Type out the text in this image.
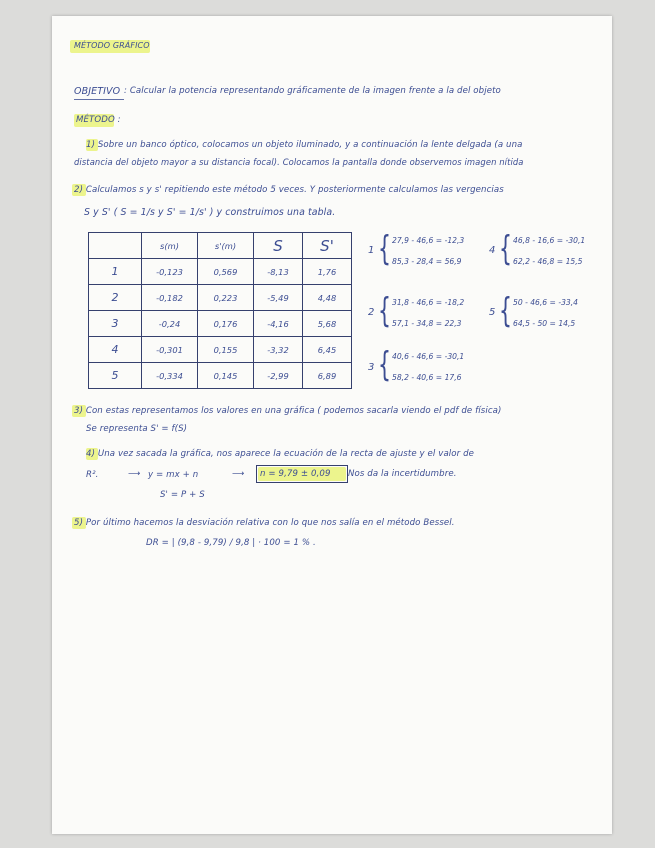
MÉTODO GRÁFICO
OBJETIVO : Calcular la potencia representando gráficamente de la imagen frente a la del objeto
MÉTODO :
1) Sobre un banco óptico, colocamos un objeto iluminado, y a continuación la lente delgada (a una
distancia del objeto mayor a su distancia focal). Colocamos la pantalla donde observemos imagen nítida
2) Calculamos s y s' repitiendo este método 5 veces. Y posteriormente calculamos las vergencias
S y S' ( S = 1/s y S' = 1/s' ) y construimos una tabla.
	s(m)	s'(m)	S	S'
1	-0,123	0,569	-8,13	1,76
2	-0,182	0,223	-5,49	4,48
3	-0,24	0,176	-4,16	5,68
4	-0,301	0,155	-3,32	6,45
5	-0,334	0,145	-2,99	6,89
1 { 27,9 - 46,6 = -12,3
85,3 - 28,4 = 56,9
2 { 31,8 - 46,6 = -18,2
57,1 - 34,8 = 22,3
3 { 40,6 - 46,6 = -30,1
58,2 - 40,6 = 17,6
4 { 46,8 - 16,6 = -30,1
62,2 - 46,8 = 15,5
5 { 50 - 46,6 = -33,4
64,5 - 50 = 14,5
3) Con estas representamos los valores en una gráfica ( podemos sacarla viendo el pdf de física)
Se representa S' = f(S)
4) Una vez sacada la gráfica, nos aparece la ecuación de la recta de ajuste y el valor de
R².	⟶ y = mx + n
S' = P + S
⟶ n = 9,79 ± 0,09 Nos da la incertidumbre.
5) Por último hacemos la desviación relativa con lo que nos salía en el método Bessel.
DR = | (9,8 - 9,79) / 9,8 | · 100 = 1 % .
